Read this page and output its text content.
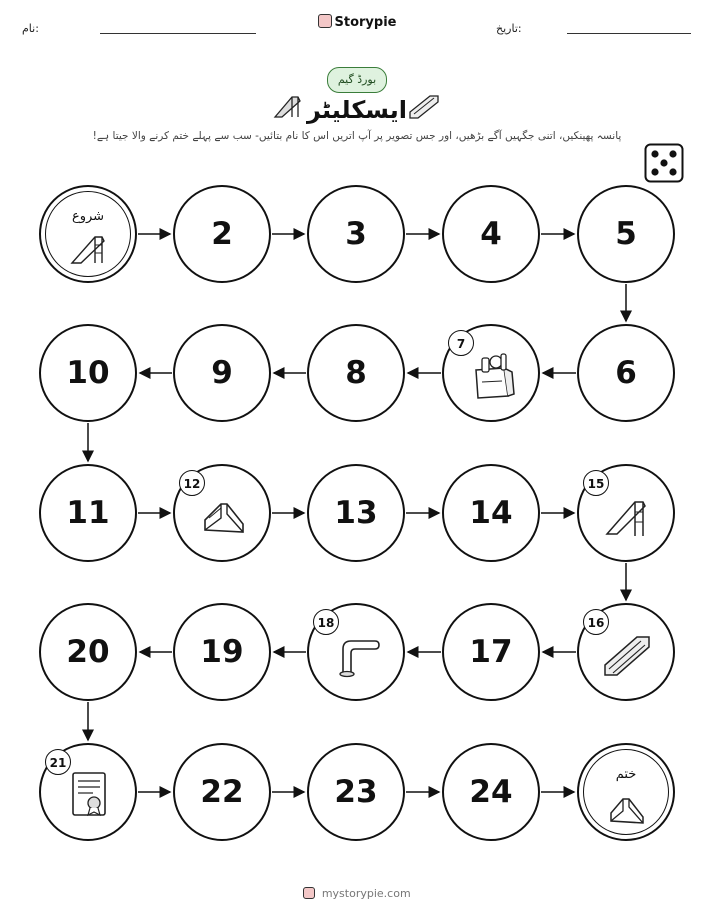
نام:	تاریخ:
Storypie
بورڈ گیم
ایسکلیٹر
پانسہ پھینکیں، اتنی جگہیں آگے بڑھیں، اور جس تصویر پر آپ اتریں اس کا نام بتائیں- سب سے پہلے ختم کرنے والا جیتا ہے!
شروع	2	3	4	5
10	9	8
7
6
11
12
13	14
15
20	19
18
17
16
21
22	23	24	ختم
mystorypie.com
